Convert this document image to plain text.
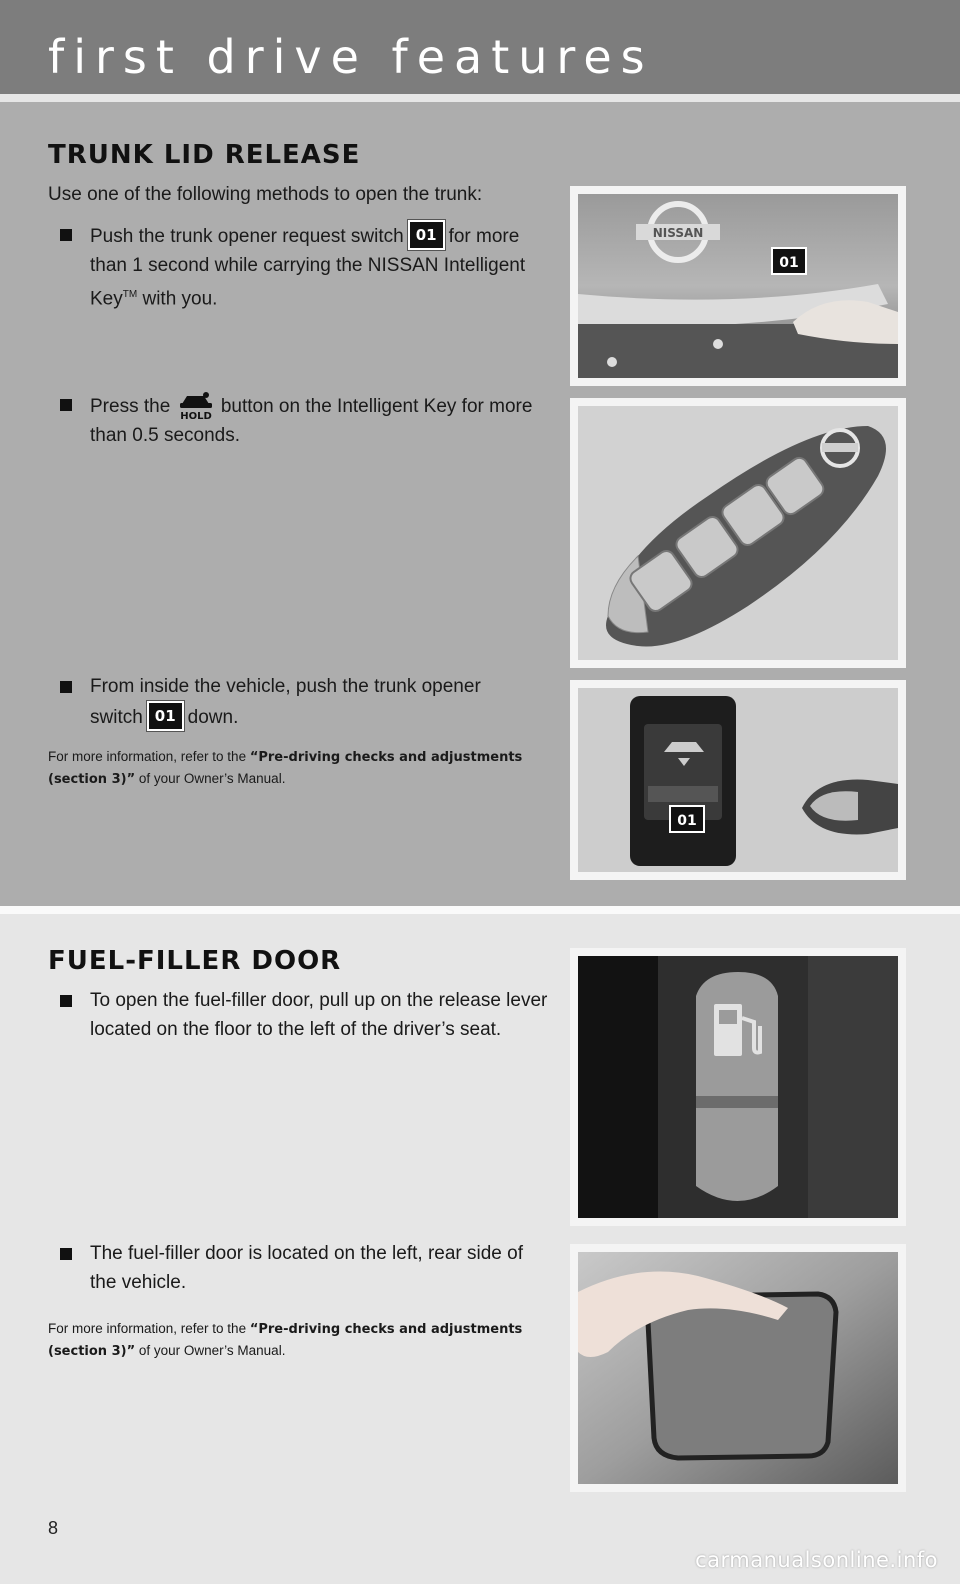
first drive features
TRUNK LID RELEASE
Use one of the following methods to open the trunk:
Push the trunk opener request switch 01 for more
than 1 second while carrying the NISSAN Intelligent
Key™ with you.
Press the HOLD button on the Intelligent Key for more
than 0.5 seconds.
From inside the vehicle, push the trunk opener
switch 01 down.
For more information, refer to the “Pre-driving checks and adjustments (section 3)” of your Owner’s Manual.
NISSAN
01
01
FUEL-FILLER DOOR
To open the fuel-filler door, pull up on the release lever
located on the floor to the left of the driver’s seat.
The fuel-filler door is located on the left, rear side of
the vehicle.
For more information, refer to the “Pre-driving checks and adjustments (section 3)” of your Owner’s Manual.
8
carmanualsonline.info
